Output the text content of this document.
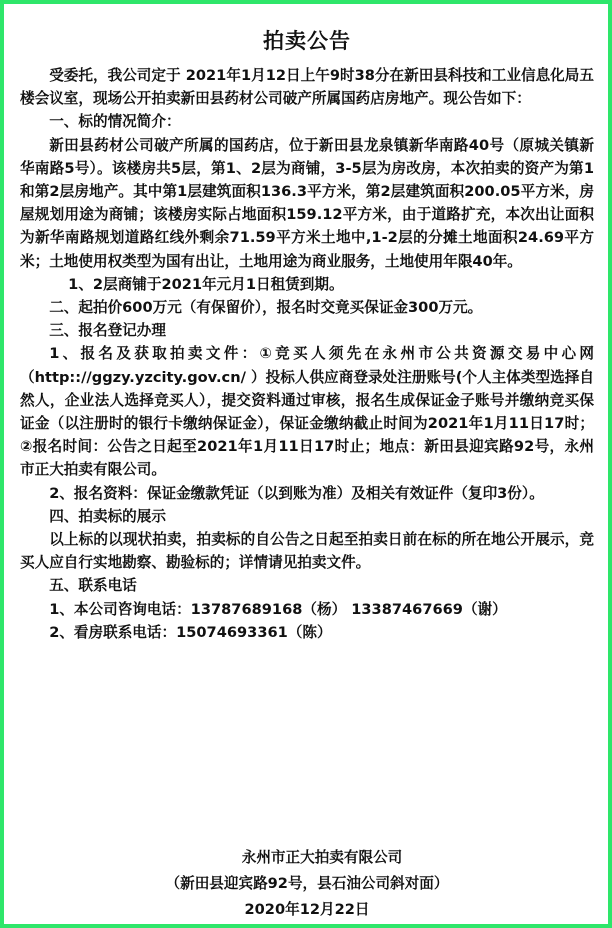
拍卖公告

受委托，我公司定于 2021年1月12日上午9时38分在新田县科技和工业信息化局五楼会议室，现场公开拍卖新田县药材公司破产所属国药店房地产。现公告如下：

一、标的情况简介：

新田县药材公司破产所属的国药店，位于新田县龙泉镇新华南路40号（原城关镇新华南路5号）。该楼房共5层，第1、2层为商铺，3-5层为房改房，本次拍卖的资产为第1和第2层房地产。其中第1层建筑面积136.3平方米，第2层建筑面积200.05平方米，房屋规划用途为商铺；该楼房实际占地面积159.12平方米，由于道路扩充，本次出让面积为新华南路规划道路红线外剩余71.59平方米土地中,1-2层的分摊土地面积24.69平方米；土地使用权类型为国有出让，土地用途为商业服务，土地使用年限40年。

1、2层商铺于2021年元月1日租赁到期。

二、起拍价600万元（有保留价），报名时交竟买保证金300万元。

三、报名登记办理

1、报名及获取拍卖文件：①竞买人须先在永州市公共资源交易中心网（http:://ggzy.yzcity.gov.cn/ ）投标人供应商登录处注册账号(个人主体类型选择自然人，企业法人选择竞买人），提交资料通过审核，报名生成保证金子账号并缴纳竞买保证金（以注册时的银行卡缴纳保证金），保证金缴纳截止时间为2021年1月11日17时；②报名时间：公告之日起至2021年1月11日17时止；地点：新田县迎宾路92号，永州市正大拍卖有限公司。

2、报名资料：保证金缴款凭证（以到账为准）及相关有效证件（复印3份）。

四、拍卖标的展示

以上标的以现状拍卖，拍卖标的自公告之日起至拍卖日前在标的所在地公开展示，竞买人应自行实地勘察、勘验标的；详情请见拍卖文件。

五、联系电话

1、本公司咨询电话：13787689168（杨） 13387467669（谢）

2、看房联系电话：15074693361（陈）

永州市正大拍卖有限公司

（新田县迎宾路92号，县石油公司斜对面）

2020年12月22日
